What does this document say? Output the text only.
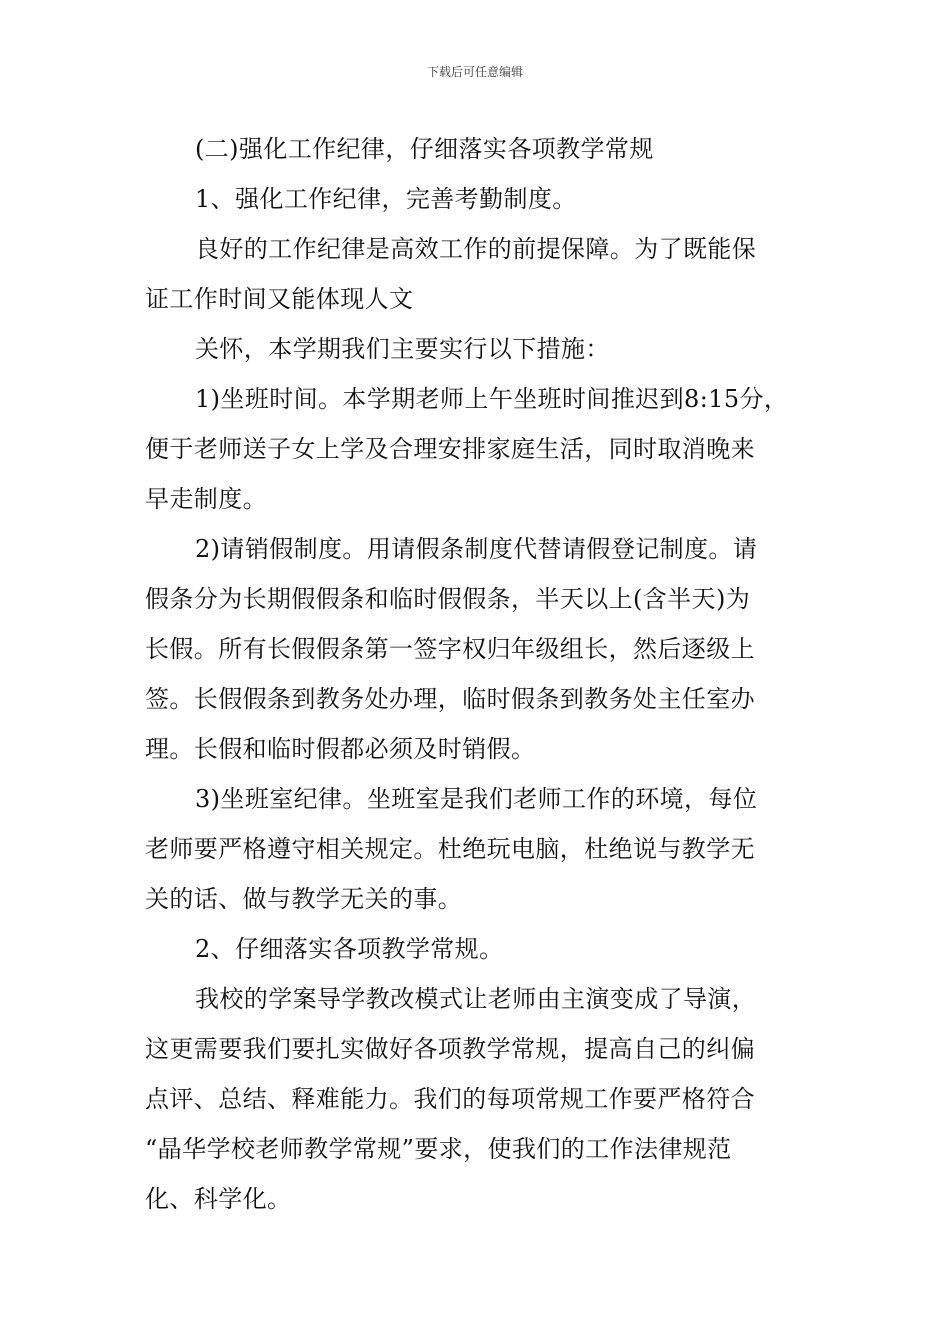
下载后可任意编辑
(二)强化工作纪律，仔细落实各项教学常规
1、强化工作纪律，完善考勤制度。
良好的工作纪律是高效工作的前提保障。为了既能保
证工作时间又能体现人文
关怀，本学期我们主要实行以下措施：
1)坐班时间。本学期老师上午坐班时间推迟到8:15分，
便于老师送子女上学及合理安排家庭生活，同时取消晚来
早走制度。
2)请销假制度。用请假条制度代替请假登记制度。请
假条分为长期假假条和临时假假条，半天以上(含半天)为
长假。所有长假假条第一签字权归年级组长，然后逐级上
签。长假假条到教务处办理，临时假条到教务处主任室办
理。长假和临时假都必须及时销假。
3)坐班室纪律。坐班室是我们老师工作的环境，每位
老师要严格遵守相关规定。杜绝玩电脑，杜绝说与教学无
关的话、做与教学无关的事。
2、仔细落实各项教学常规。
我校的学案导学教改模式让老师由主演变成了导演，
这更需要我们要扎实做好各项教学常规，提高自己的纠偏
点评、总结、释难能力。我们的每项常规工作要严格符合
“晶华学校老师教学常规”要求，使我们的工作法律规范
化、科学化。
